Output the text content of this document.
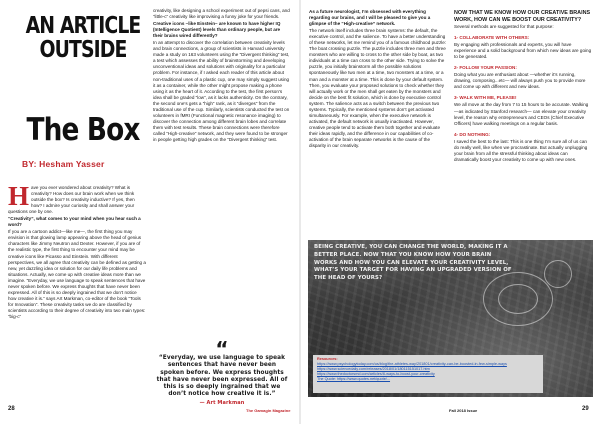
AN ARTICLE
OUTSIDE
The Box
BY: Hesham Yasser

Have you ever wondered about creativity? What is creativity? How does our brain work when we think outside the box? Is creativity inductive? If yes, then how? I admire your curiosity and shall answer your questions one by one.

“Creativity”, what comes to your mind when you hear such a word?

If you are a cartoon addict—like me—, the first thing you may envision is that glowing lamp appearing above the head of genius characters like Jimmy Neutron and Dexter. However, if you are of the realistic type, the first thing to encounter your mind may be creative icons like Picasso and Einstein. With different perspectives, we all agree that creativity can be defined as getting a new, yet dazzling idea or solution for our daily life problems and situations. Actually, we come up with creative ideas more than we imagine. “Everyday, we use language to speak sentences that have never spoken before. We express thoughts that have never been expressed. All of this is so deeply ingrained that we don’t notice how creative it is.” says Art Markman, co-editor of the book “Tools for Innovation”. These creativity tasks we do are classified by scientists according to their degree of creativity into two main types: “big-c”

creativity, like designing a school experiment out of pepsi cans, and “little-c” creativity like improvising a funny joke for your friends.

Creative icons –like Einstein– are known to have higher IQ (Intelligence Quotient) levels than ordinary people, but are their brains wired differently?

In an attempt to discover the correlation between creativity levels and brain connections, a group of scientists in Harvard university made a study on 163 volunteers using the “Divergent thinking” test, a test which assesses the ability of brainstorming and developing unconventional ideas and solutions with originality for a particular problem. For instance, if I asked each reader of this article about non-traditional uses of a plastic cup, one may simply suggest using it as a container, while the other might propose making a phone using it as the heart of it. According to the test, the first person’s idea shall be graded “low”, as it lacks authenticity. On the contrary, the second one’s gets a “high” rank, as it “diverges” from the traditional use of the cup. Similarly, scientists conducted the test on volunteers in fMRI (Functional magnetic resonance imaging) to discover the connection among different brain lobes and correlate them with test results. These brain connections were therefore called “High-creative” network, and they were found to be stronger in people getting high grades on the “Divergent thinking” test.

“
“Everyday, we use language to speak sentences that have never been spoken before. We express thoughts that have never been expressed. All of this is so deeply ingrained that we don’t notice how creative it is.”
— Art Markman
28	The Gamagin Magazine

As a future neurologist, I’m obsessed with everything regarding our brains, and I will be pleased to give you a glimpse of the “High-creative” network.

The network itself includes three brain systems: the default, the executive control, and the salience. To have a better understanding of these networks, let me remind you of a famous childhood puzzle: The boat crossing puzzle. The puzzle includes three men and three monsters who are willing to cross to the other side by boat, as two individuals at a time can cross to the other side. Trying to solve the puzzle, you initially brainstorm all the possible solutions spontaneously like two men at a time, two monsters at a time, or a man and a monster at a time. This is done by your default system. Then, you evaluate your proposed solutions to check whether they will actually work or the men shall get eaten by the monsters and decide on the best fit solution, which is done by executive control system. The salience acts as a switch between the previous two systems. Typically, the mentioned systems don’t get activated simultaneously. For example, when the executive network is activated, the default network is usually inactivated. However, creative people tend to activate them both together and evaluate their ideas rapidly, and the difference in our capabilities of co-activation of the brain separate networks is the cause of the disparity in our creativity.

NOW THAT WE KNOW HOW OUR CREATIVE BRAINS WORK, HOW CAN WE BOOST OUR CREATIVITY?

Several methods are suggested for that purpose:

1- COLLABORATE WITH OTHERS:

By engaging with professionals and experts, you will have experience and a solid background from which new ideas are going to be generated.

2- FOLLOW YOUR PASSION:

Doing what you are enthusiast about —whether it’s running, drawing, composing...etc— will always push you to provide more and come up with different and new ideas.

3- WALK WITH ME, PLEASE!

We all move at the day from 7 to 15 hours to be accurate. Walking —as indicated by Stanford research— can elevate your creativity level, the reason why entrepreneurs and CEOs (Chief Executive Officers) have walking meetings on a regular basis.

4- DO NOTHING:

I saved the best to the last: This is one thing I’m sure all of us can do really well, like when we procrastinate. But actually unplugging your brain from all the stressful thinking about ideas can dramatically boost your creativity to come up with new ones.

BEING CREATIVE, YOU CAN CHANGE THE WORLD, MAKING IT A BETTER PLACE. NOW THAT YOU KNOW HOW YOUR BRAIN WORKS AND HOW YOU CAN ELEVATE YOUR CREATIVITY LEVEL, WHAT’S YOUR TARGET FOR HAVING AN UPGRADED VERSION OF THE HEAD OF YOURS?
Resources:
https://www.psychologytoday.com/us/blog/the-athletes-way/201801/creativity-can-be-boosted-in-few-simple-ways
https://www.sciencedaily.com/releases/2018/01/180115151017.htm
https://www.thedoctorsmd.com/articles/6-ways-to-boost-your-creativity
The Quote: https://www.quotes.net/quote/...
Fall 2018 Issue	29
